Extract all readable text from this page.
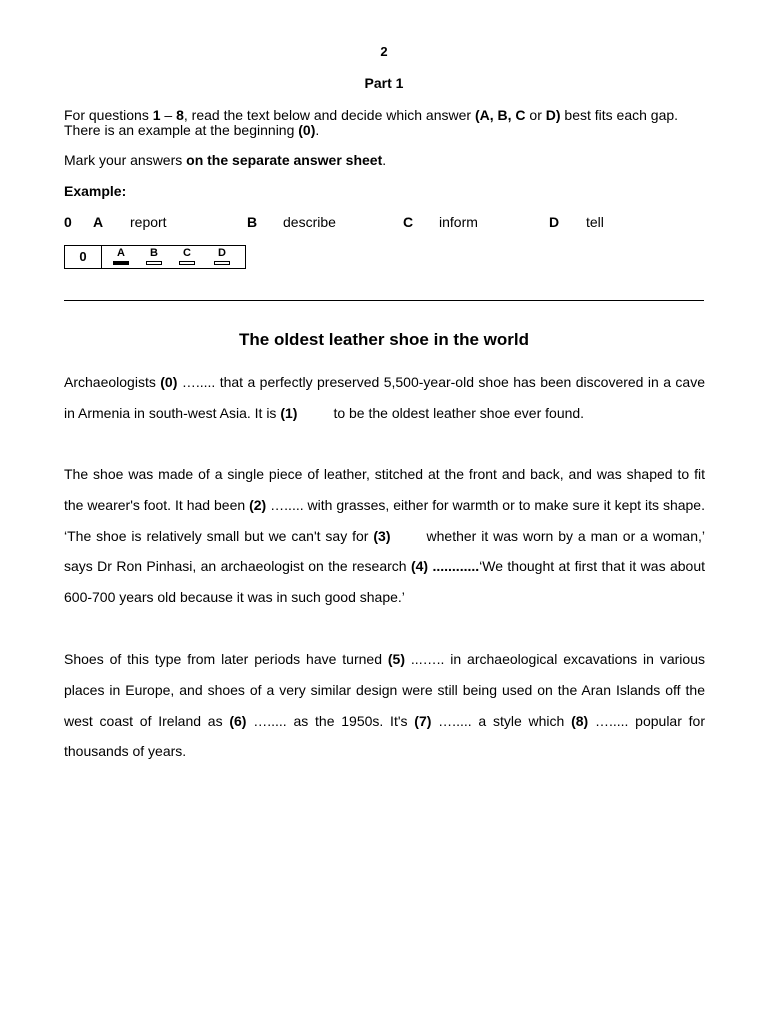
2
Part 1
For questions 1 – 8, read the text below and decide which answer (A, B, C or D) best fits each gap.
There is an example at the beginning (0).
Mark your answers on the separate answer sheet.
Example:
0 A report	B describe	C inform	D tell
0	A	B	C	D
The oldest leather shoe in the world

Archaeologists (0) …..... that a perfectly preserved 5,500-year-old shoe has been discovered in a cave in Armenia in south-west Asia. It is (1)	to be the oldest leather shoe ever found.

The shoe was made of a single piece of leather, stitched at the front and back, and was shaped to fit the wearer's foot. It had been (2) …..... with grasses, either for warmth or to make sure it kept its shape. ‘The shoe is relatively small but we can't say for (3)	whether it was worn by a man or a woman,’ says Dr Ron Pinhasi, an archaeologist on the research (4) ............‘We thought at first that it was about 600-700 years old because it was in such good shape.’

Shoes of this type from later periods have turned (5) ...….. in archaeological excavations in various places in Europe, and shoes of a very similar design were still being used on the Aran Islands off the west coast of Ireland as (6) …..... as the 1950s. It's (7) …..... a style which (8) …..... popular for thousands of years.
